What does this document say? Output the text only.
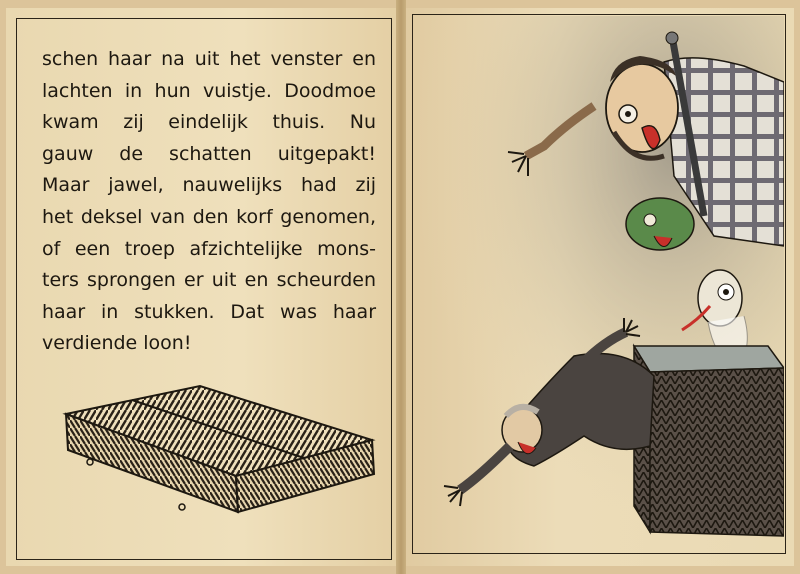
schen haar na uit het venster en
lachten in hun vuistje. Doodmoe
kwam zij eindelijk thuis. Nu
gauw de schatten uitgepakt!
Maar jawel, nauwelijks had zij
het deksel van den korf genomen,
of een troep afzichtelijke mons-
ters sprongen er uit en scheurden
haar in stukken. Dat was haar
verdiende loon!
